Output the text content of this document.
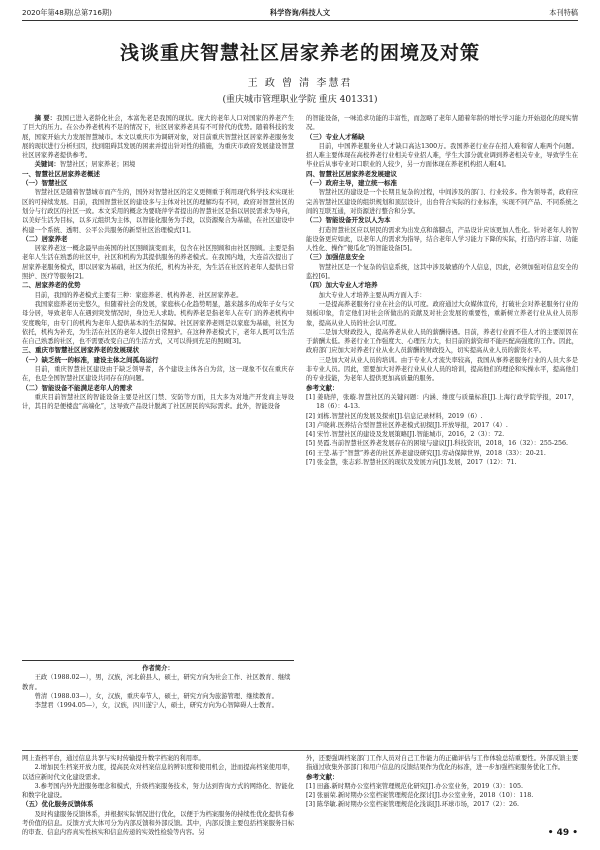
2020年第48期(总第716期)	科学咨询/科技人文	本刊特稿
浅谈重庆智慧社区居家养老的困境及对策
王 政 曾 清 李慧君
(重庆城市管理职业学院 重庆 401331)

摘 要：我国已进入老龄化社会，本富先老是我国的现状。庞大的老年人口对国家的养老产生了巨大的压力。在公办养老机构不足的情况下，社区居家养老具有不可替代的优势。随着科技的发展，国家开始大力发展智慧城市。本文以重庆市为调研对象，对目前重庆智慧社区居家养老服务发展的现状进行分析归因，找到阻碍其发展的困素并提出针对性的措施，为重庆市政府发展建设智慧社区居家养老提供参考。

关键词：智慧社区；居家养老；困境

一、智慧社区居家养老概述

（一）智慧社区

智慧社区是随着智慧城市而产生的，国外对智慧社区的定义更侧重于利用现代科学技术实现社区的可持续发展。目前，我国智慧社区的建设多与主体对社区的理解均有不同，政府对智慧社区的划分与行政区的社区一致。本文采用的概念为要晓萍学者提出的智慧社区是指以居民需求为导向，以美好生活为目标，以多元组织为主体，以智能化服务为手段，以资源聚合为基础，在社区建设中构建一个系统、透明、公平公共服务的新型社区治理模式[1]。

（二）居家养老

居家养老这一概念最早由英国的社区照顾演变而来，包含在社区照顾和由社区照顾。主要是指老年人生活在熟悉的社区中，社区和机构为其提供服务的养老模式。在我国内地，大连首次提出了居家养老服务模式，即以居家为基础，社区为依托，机构为补充，为生活在社区的老年人提供日常照护、医疗等服务[2]。

二、居家养老的优势

目前，我国的养老模式主要有三种：家庭养老、机构养老、社区居家养老。

我国家庭养老历史悠久，但随着社会的发展，家庭核心化趋势明显，越来越多的成年子女与父母分居，导致老年人在遇到突发情况时，身边无人求助。机构养老是指老年人在专门的养老机构中安度晚年，由专门的机构为老年人提供基本的生活保障。社区居家养老则是以家庭为基础，社区为依托，机构为补充，为生活在社区的老年人提供日常照护。在这种养老模式下，老年人既可以生活在自己熟悉的社区，也不需要改变自己的生活方式，又可以得到充足的照顾[3]。

三、重庆市智慧社区居家养老的发展现状

（一）缺乏统一的标准，建设主体之间孤岛运行

目前，重庆智慧社区建设由于缺乏领导者，各个建设主体各自为营，这一现象不仅在重庆存在，也是全国智慧社区建设共同存在的问题。

（二）智能设备不能满足老年人的需求

重庆目前智慧社区的智能设备主要是社区门禁、安防等方面，且大多为对地产开发商主导设计，其目的是便楼盘“高端化”，这导致产品设计脱离了社区居民的实际需求。此外，智能设备

作者简介：

王政（1988.02—），男，汉族，河北蔚县人，硕士，研究方向为社会工作、社区教育、继续教育。

曾清（1988.03—），女，汉族，重庆奉节人，硕士，研究方向为旅游管理、继续教育。

李慧君（1994.05—），女，汉族，四川遂宁人，硕士，研究方向为心智障碍人士教育。

的智能设备，一味追求功能的丰富性，而忽略了老年人随着年龄的增长学习能力开始退化的现实情况。

（三）专业人才稀缺

目前，中国养老服务业人才缺口高达1300万。我国养老行业存在招人难和留人难两个问题。招人难主要体现在高校养老行业相关专业招人难，学生大部分就业调到养老相关专业，导致学生在毕业后从事专业对口职业的人较少，另一方面体现在养老机构招人难[4]。

四、智慧社区居家养老发展建议

（一）政府主导，建立统一标准

智慧社区的建设是一个长期且复杂的过程，中间涉及的部门、行业较多。作为领导者，政府应完善智慧社区建设的组织规划和顶层设计，出台符合实际的行业标准，实现不同产品、不同系统之间的互联互通，对资源进行整合和分享。

（二）智能设备开发以人为本

打造智慧社区应以居民的需求为出发点和落脚点，产品设计应该更加人性化。针对老年人的智能设备更应如此，以老年人的需求为指导，结合老年人学习能力下降的实际，打造内容丰富、功能人性化、操作“傻瓜化”的智能设备[5]。

（三）加强信息安全

智慧社区是一个复杂的信息系统，这其中涉及敏感的个人信息，因此，必须加强对信息安全的监控[6]。

（四）加大专业人才培养

加大专业人才培养主要从两方面入手：

一是提高养老服务行业在社会的认可度。政府通过大众媒体宣传，打破社会对养老服务行业的刻板印象，肯定他们对社会所做出的贡献及对社会发展的重要性，重新树立养老行业从业人员形象，提高从业人员的社会认可度。

二是加大财政投入，提高养老从业人员的薪酬待遇。目前，养老行业面不佳人才的主要原因在于薪酬太低。养老行业工作强度大、心理压力大，但目前的薪资却不能匹配高强度的工作。因此，政府部门应加大对养老行业从业人员薪酬的财政投入，切实提高从业人员的薪资水平。

三是加大对从业人员的培训。由于专业人才流失率较高，我国从事养老服务行业的人员大多是非专业人员。因此，需要加大对养老行业从业人员的培训，提高他们的理论和实操水平，提高他们的专业技能，为老年人提供更加高质量的服务。

参考文献：

[1] 姜晓萍，张璇.智慧社区的关键问题：内涵、维度与质量标准[J].上海行政学院学报，2017，18（6）：4-13.

[2] 刘栋.智慧社区的发展及探索[J].信息记录材料，2019（6）.

[3] 卢晓莉.医养结合型智慧社区养老模式初探[J].开放导报，2017（4）.

[4] 宋竹.智慧社区的建设及发展策略[J].智能城市，2016，2（3）：72.

[5] 吴霞.当前智慧社区养老发展存在的困境与建议[J].科技资讯，2018，16（32）：255-256.

[6] 王莹.基于“智慧”养老的社区养老建设研究[J].劳动保障世界，2018（33）：20-21.

[7] 张金慧，张志彩.智慧社区的现状及发展方向[J].发展，2017（12）：71.

网上查档平台，通过信息共享与实时传输提升数字档案的利用率。

2.增加民生档案开放力度，提高民众对档案信息的辨识度和使用机会，进而提高档案使用率，以适应新时代文化建设需求。

3.参考国内外先进服务理念和模式，升级档案服务技术，努力达到咨询方式的网络化、智能化和数字化建设。

（五）优化服务反馈体系

及时构建服务反馈体系，并根据实际情况进行优化，以便于为档案服务的持续性优化提供有参考价值的信息。反馈方式大体可分为内部反馈和外部反馈。其中，内部反馈主要包括档案服务目标的审查、信息内容真实性核实和信息传递的实效性检验等内容。另

外，还要强调档案部门工作人员对自己工作能力的正确评估与工作体验总结重要性。外部反馈主要指通过收集外部部门和用户信息的反馈结果作为优化的标准，进一步加强档案服务优化工作。

参考文献：

[1] 田鑫.新时期办公室档案管理规范化研究[J].办公室业务，2019（3）：105.

[2] 张丽荣.新时期办公室档案管理规范化探讨[J].办公室业务，2018（10）：118.

[3] 陈华敏.新时期办公室档案管理规范化浅谈[J].环球市场，2017（2）：26.

• 49 •
